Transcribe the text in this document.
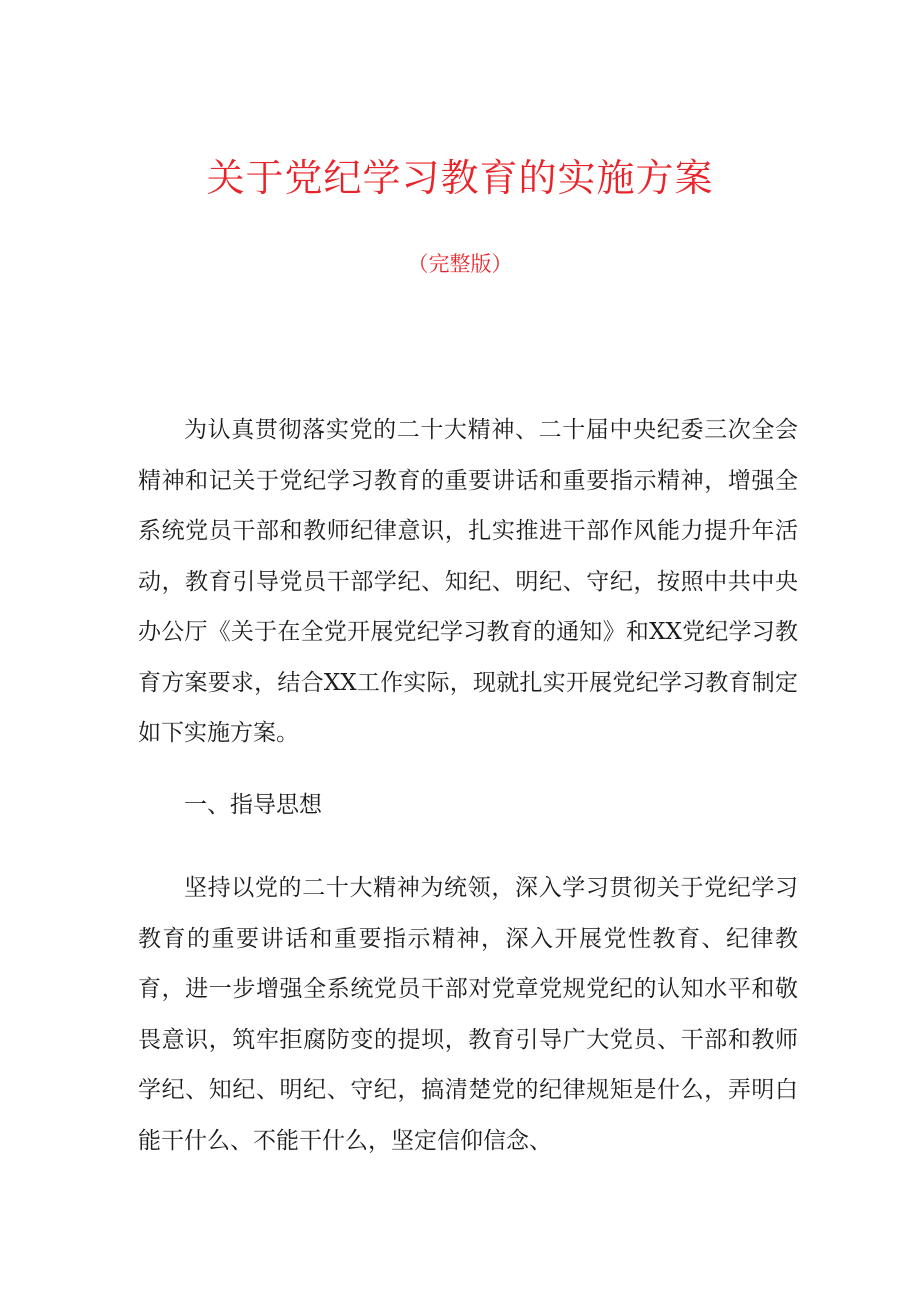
关于党纪学习教育的实施方案
（完整版）

为认真贯彻落实党的二十大精神、二十届中央纪委三次全会精神和记关于党纪学习教育的重要讲话和重要指示精神，增强全系统党员干部和教师纪律意识，扎实推进干部作风能力提升年活动，教育引导党员干部学纪、知纪、明纪、守纪，按照中共中央办公厅《关于在全党开展党纪学习教育的通知》和XX党纪学习教育方案要求，结合XX工作实际，现就扎实开展党纪学习教育制定如下实施方案。

一、指导思想

坚持以党的二十大精神为统领，深入学习贯彻关于党纪学习教育的重要讲话和重要指示精神，深入开展党性教育、纪律教育，进一步增强全系统党员干部对党章党规党纪的认知水平和敬畏意识，筑牢拒腐防变的提坝，教育引导广大党员、干部和教师学纪、知纪、明纪、守纪，搞清楚党的纪律规矩是什么，弄明白能干什么、不能干什么，坚定信仰信念、
